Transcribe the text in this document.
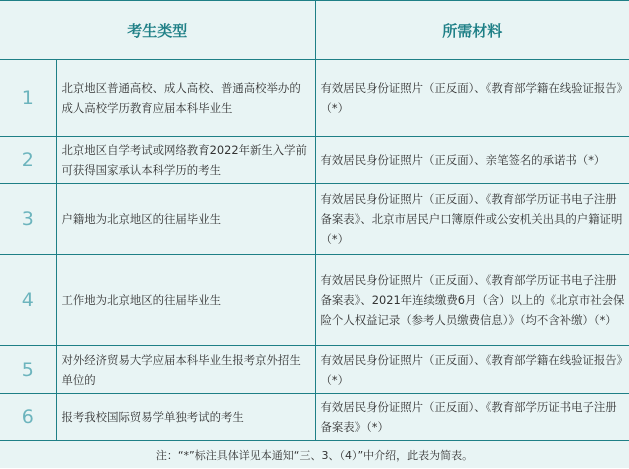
考生类型		所需材料
1	北京地区普通高校、成人高校、普通高校举办的成人高校学历教育应届本科毕业生	有效居民身份证照片（正反面）、《教育部学籍在线验证报告》（*）
2	北京地区自学考试或网络教育2022年新生入学前可获得国家承认本科学历的考生	有效居民身份证照片（正反面）、亲笔签名的承诺书（*）
3	户籍地为北京地区的往届毕业生	有效居民身份证照片（正反面）、《教育部学历证书电子注册备案表》、北京市居民户口簿原件或公安机关出具的户籍证明（*）
4	工作地为北京地区的往届毕业生	有效居民身份证照片（正反面）、《教育部学历证书电子注册备案表》、2021年连续缴费6月（含）以上的《北京市社会保险个人权益记录（参考人员缴费信息）》（均不含补缴）（*）
5	对外经济贸易大学应届本科毕业生报考京外招生单位的	有效居民身份证照片（正反面）、《教育部学籍在线验证报告》（*）
6	报考我校国际贸易学单独考试的考生	有效居民身份证照片（正反面）、《教育部学历证书电子注册备案表》（*）
注：“*”标注具体详见本通知“三、3、（4）”中介绍，此表为简表。		
